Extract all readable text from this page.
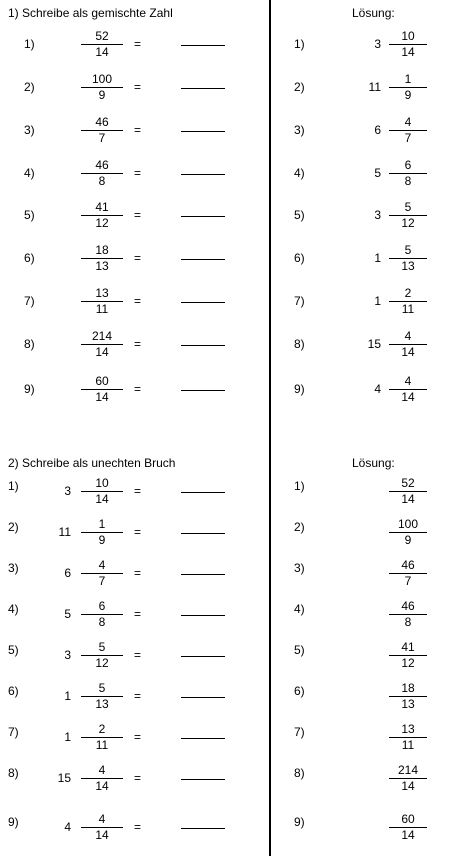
1) Schreibe als gemischte Zahl	Lösung:
2) Schreibe als unechten Bruch	Lösung:
1)
52
14
=
2)
100
9
=
3)
46
7
=
4)
46
8
=
5)
41
12
=
6)
18
13
=
7)
13
11
=
8)
214
14
=
9)
60
14
=
1)	3
10
14
2)	11
1
9
3)	6
4
7
4)	5
6
8
5)	3
5
12
6)	1
5
13
7)	1
2
11
8)	15
4
14
9)	4
4
14
1)	3
10
14
=
2)	11
1
9
=
3)	6
4
7
=
4)	5
6
8
=
5)	3
5
12
=
6)	1
5
13
=
7)	1
2
11
=
8)	15
4
14
=
9)	4
4
14
=
1)	52
14
2)	100
9
3)	46
7
4)	46
8
5)	41
12
6)	18
13
7)	13
11
8)	214
14
9)	60
14
